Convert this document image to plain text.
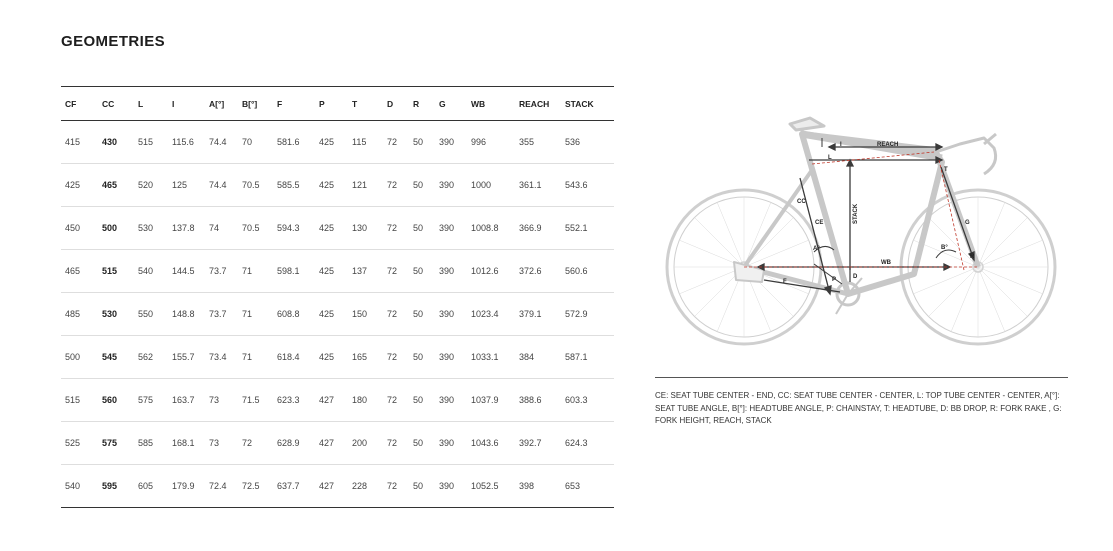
GEOMETRIES
CF	CC	L	I	A[°]	B[°]	F	P	T	D	R	G	WB	REACH	STACK
415	430	515	115.6	74.4	70	581.6	425	115	72	50	390	996	355	536
425	465	520	125	74.4	70.5	585.5	425	121	72	50	390	1000	361.1	543.6
450	500	530	137.8	74	70.5	594.3	425	130	72	50	390	1008.8	366.9	552.1
465	515	540	144.5	73.7	71	598.1	425	137	72	50	390	1012.6	372.6	560.6
485	530	550	148.8	73.7	71	608.8	425	150	72	50	390	1023.4	379.1	572.9
500	545	562	155.7	73.4	71	618.4	425	165	72	50	390	1033.1	384	587.1
515	560	575	163.7	73	71.5	623.3	427	180	72	50	390	1037.9	388.6	603.3
525	575	585	168.1	73	72	628.9	427	200	72	50	390	1043.6	392.7	624.3
540	595	605	179.9	72.4	72.5	637.7	427	228	72	50	390	1052.5	398	653
REACH
I
L
STACK
CC
CE
A°	B°
WB
F	P
T
G
D
R
CE: SEAT TUBE CENTER - END, CC: SEAT TUBE CENTER - CENTER, L: TOP TUBE CENTER - CENTER, A[°]: SEAT TUBE ANGLE, B[°]: HEADTUBE ANGLE, P: CHAINSTAY, T: HEADTUBE, D: BB DROP, R: FORK RAKE , G: FORK HEIGHT, REACH, STACK
